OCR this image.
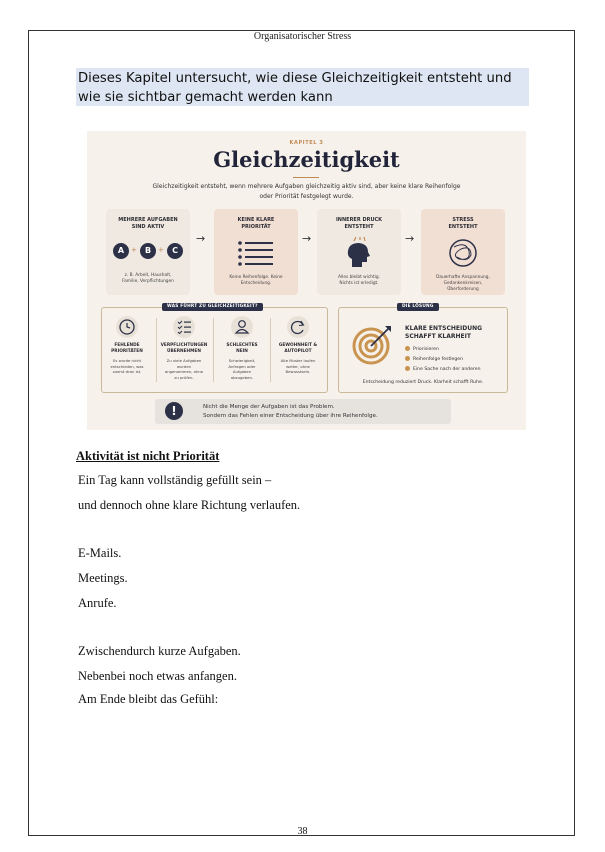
Organisatorischer Stress
Dieses Kapitel untersucht, wie diese Gleichzeitigkeit entsteht und wie sie sichtbar gemacht werden kann
KAPITEL 3
Gleichzeitigkeit
Gleichzeitigkeit entsteht, wenn mehrere Aufgaben gleichzeitig aktiv sind, aber keine klare Reihenfolge oder Priorität festgelegt wurde.
MEHRERE AUFGABEN SIND AKTIV
A +	B +	C
z. B. Arbeit, Haushalt, Familie, Verpflichtungen
→
KEINE KLARE PRIORITÄT
Keine Reihenfolge. Keine Entscheidung.
→
INNERER DRUCK ENTSTEHT
Alles bleibt wichtig. Nichts ist erledigt.
→
STRESS ENTSTEHT
Dauerhafte Anspannung, Gedankenkreisen, Überforderung
WAS FÜHRT ZU GLEICHZEITIGKEIT?
FEHLENDE PRIORITÄTEN
Es wurde nicht entschieden, was zuerst dran ist.
VERPFLICHTUNGEN ÜBERNEHMEN
Zu viele Aufgaben wurden angenommen, ohne zu prüfen.
SCHLECHTES NEIN
Schwierigkeit, Anfragen oder Aufgaben abzugeben.
GEWOHNHEIT & AUTOPILOT
Alte Muster laufen weiter, ohne Bewusstsein.
DIE LÖSUNG
KLARE ENTSCHEIDUNG SCHAFFT KLARHEIT
Priorisieren
Reihenfolge festlegen
Eine Sache nach der anderen
Entscheidung reduziert Druck. Klarheit schafft Ruhe.
!	Nicht die Menge der Aufgaben ist das Problem.
Sondern das Fehlen einer Entscheidung über ihre Reihenfolge.
Aktivität ist nicht Priorität
Ein Tag kann vollständig gefüllt sein –
und dennoch ohne klare Richtung verlaufen.
E-Mails.
Meetings.
Anrufe.
Zwischendurch kurze Aufgaben.
Nebenbei noch etwas anfangen.
Am Ende bleibt das Gefühl:
38
